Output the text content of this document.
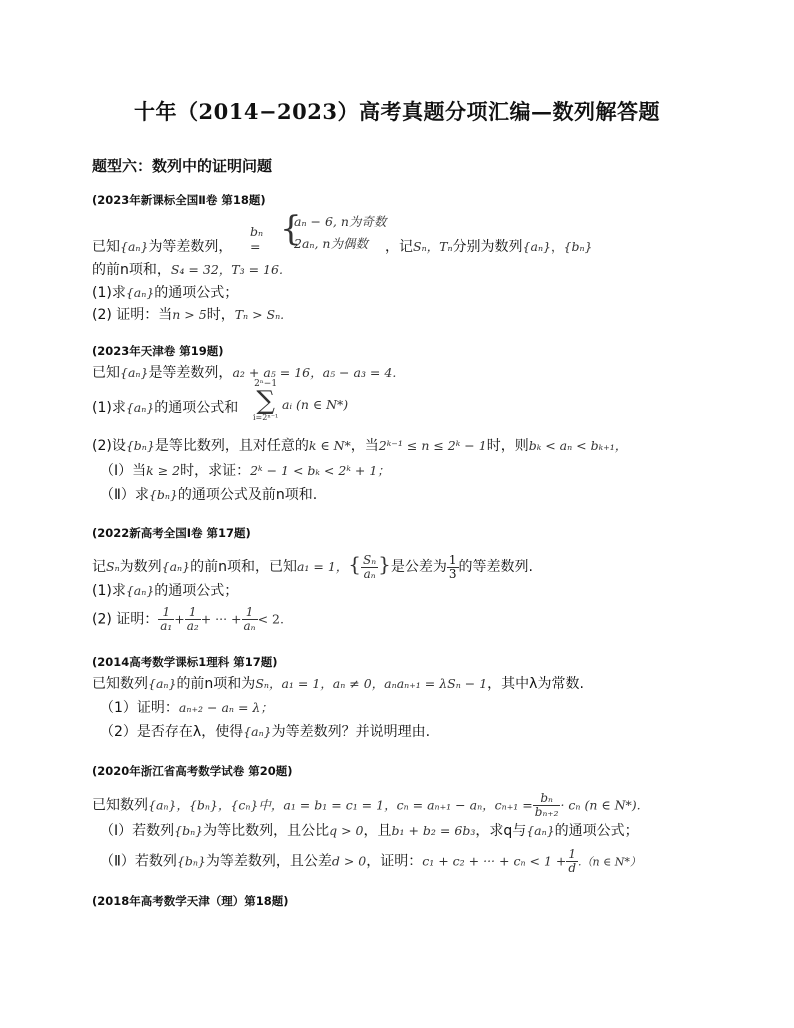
十年（2014−2023）高考真题分项汇编—数列解答题
题型六：数列中的证明问题
(2023年新课标全国Ⅱ卷 第18题)
bₙ = {
aₙ − 6, n为奇数
2aₙ, n为偶数
已知{aₙ}为等差数列，	，记Sₙ，Tₙ分别为数列{aₙ}，{bₙ}
的前n项和，S₄ = 32，T₃ = 16.
(1)求{aₙ}的通项公式；
(2) 证明：当n > 5时，Tₙ > Sₙ.
(2023年天津卷 第19题)
已知{aₙ}是等差数列，a₂ + a₅ = 16，a₅ − a₃ = 4.
2ⁿ−1
∑
i=2ⁿ⁻¹
(1)求{aₙ}的通项公式和	aᵢ (n ∈ N*)
(2)设{bₙ}是等比数列，且对任意的k ∈ N*，当2ᵏ⁻¹ ≤ n ≤ 2ᵏ − 1时，则bₖ < aₙ < bₖ₊₁，
（Ⅰ）当k ≥ 2时，求证：2ᵏ − 1 < bₖ < 2ᵏ + 1；
（Ⅱ）求{bₙ}的通项公式及前n项和.
(2022新高考全国Ⅰ卷 第17题)
记Sₙ为数列{aₙ}的前n项和，已知a₁ = 1，{ $\frac{\text{Sₙ}}{\text{aₙ}}$ }是公差为 $\frac{1}{3}$ 的等差数列.
(1)求{aₙ}的通项公式；
(2) 证明： $\frac{1}{\text{a₁}} + \frac{1}{\text{a₂}}$ + ··· + $\frac{1}{\text{aₙ}} < 2$.
(2014高考数学课标1理科 第17题)
已知数列{aₙ}的前n项和为Sₙ，a₁ = 1，aₙ ≠ 0，aₙaₙ₊₁ = λSₙ − 1，其中λ为常数.
（1）证明：aₙ₊₂ − aₙ = λ；
（2）是否存在λ，使得{aₙ}为等差数列？并说明理由.
(2020年浙江省高考数学试卷 第20题)
已知数列{aₙ}，{bₙ}，{cₙ}中，a₁ = b₁ = c₁ = 1，cₙ = aₙ₊₁ − aₙ，$c_{n+1} = \frac{\text{bₙ}}{\text{bₙ₊₂}} \cdot c_n$ (n ∈ N*).
（Ⅰ）若数列{bₙ}为等比数列，且公比q > 0，且b₁ + b₂ = 6b₃，求q与{aₙ}的通项公式；
（Ⅱ）若数列{bₙ}为等差数列，且公差d > 0，证明：c₁ + c₂ + ··· + $c_n < 1 + \frac{1}{d} .(n$ ∈ N*）
(2018年高考数学天津（理）第18题)
